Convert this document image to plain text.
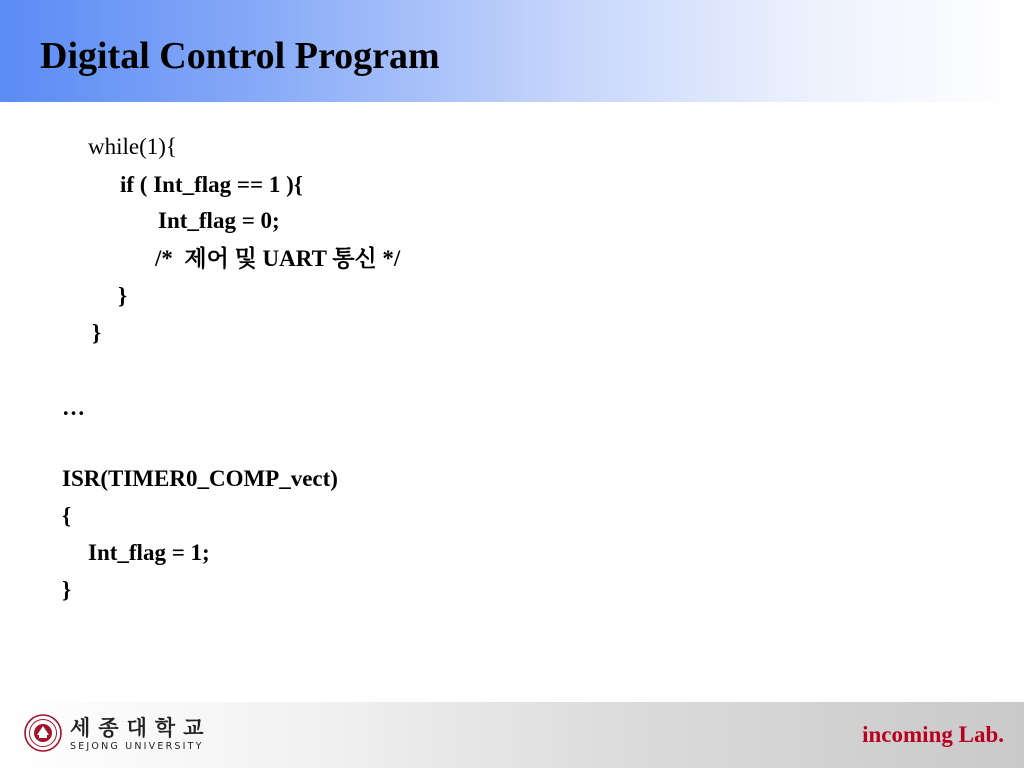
Digital Control Program
while(1){
if ( Int_flag == 1 ){
Int_flag = 0;
/*  제어 및 UART 통신 */
}
}
…
ISR(TIMER0_COMP_vect)
{
Int_flag = 1;
}
세종대학교
SEJONG UNIVERSITY	incoming Lab.
